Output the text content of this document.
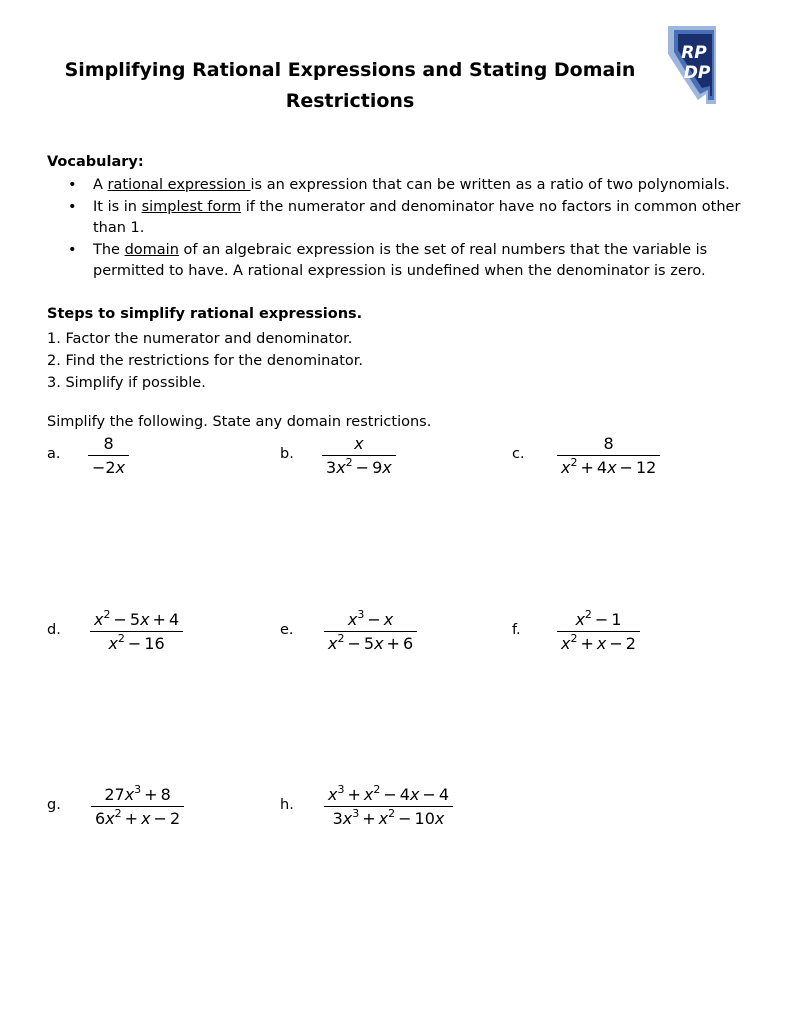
Simplifying Rational Expressions and Stating Domain
Restrictions
RP
DP
Vocabulary:
•
A rational expression is an expression that can be written as a ratio of two polynomials.
•
It is in simplest form if the numerator and denominator have no factors in common other than 1.
•
The domain of an algebraic expression is the set of real numbers that the variable is permitted to have. A rational expression is undefined when the denominator is zero.
Steps to simplify rational expressions.
1. Factor the numerator and denominator.
2. Find the restrictions for the denominator.
3. Simplify if possible.
Simplify the following. State any domain restrictions.
a.
8
−2x
b.
x
$3x^2 - 9x$
c.
8
$x^2 + 4x - 12$
d.
$x^2 - 5x + 4$
$x^2 - 16$
e.
$x^3 - x$
$x^2 - 5x + 6$
f.
$x^2 - 1$
$x^2 + x - 2$
g.
$27x^3 + 8$
$6x^2 + x - 2$
h.
$x^3 + x^2 - 4x - 4$
$3x^3 + x^2 - 10x$
